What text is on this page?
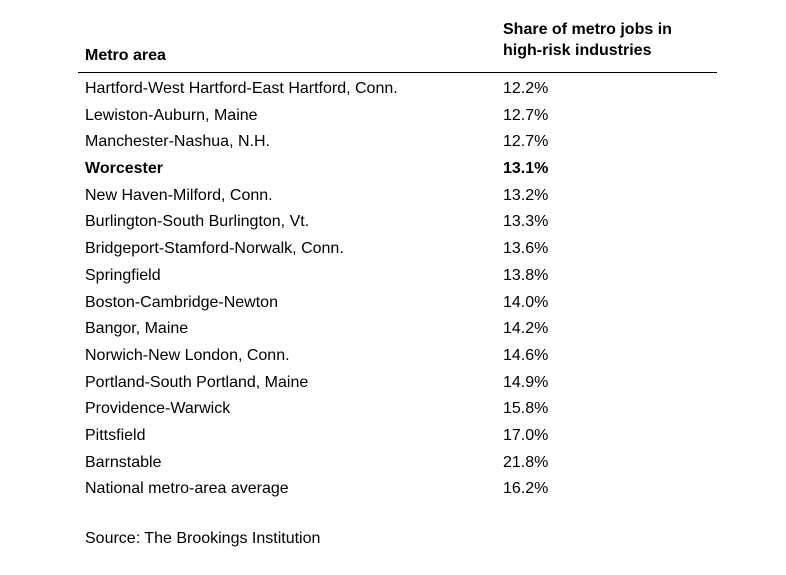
Metro area
Share of metro jobs in high-risk industries
Hartford-West Hartford-East Hartford, Conn.	12.2%
Lewiston-Auburn, Maine	12.7%
Manchester-Nashua, N.H.	12.7%
Worcester	13.1%
New Haven-Milford, Conn.	13.2%
Burlington-South Burlington, Vt.	13.3%
Bridgeport-Stamford-Norwalk, Conn.	13.6%
Springfield	13.8%
Boston-Cambridge-Newton	14.0%
Bangor, Maine	14.2%
Norwich-New London, Conn.	14.6%
Portland-South Portland, Maine	14.9%
Providence-Warwick	15.8%
Pittsfield	17.0%
Barnstable	21.8%
National metro-area average	16.2%
Source: The Brookings Institution
